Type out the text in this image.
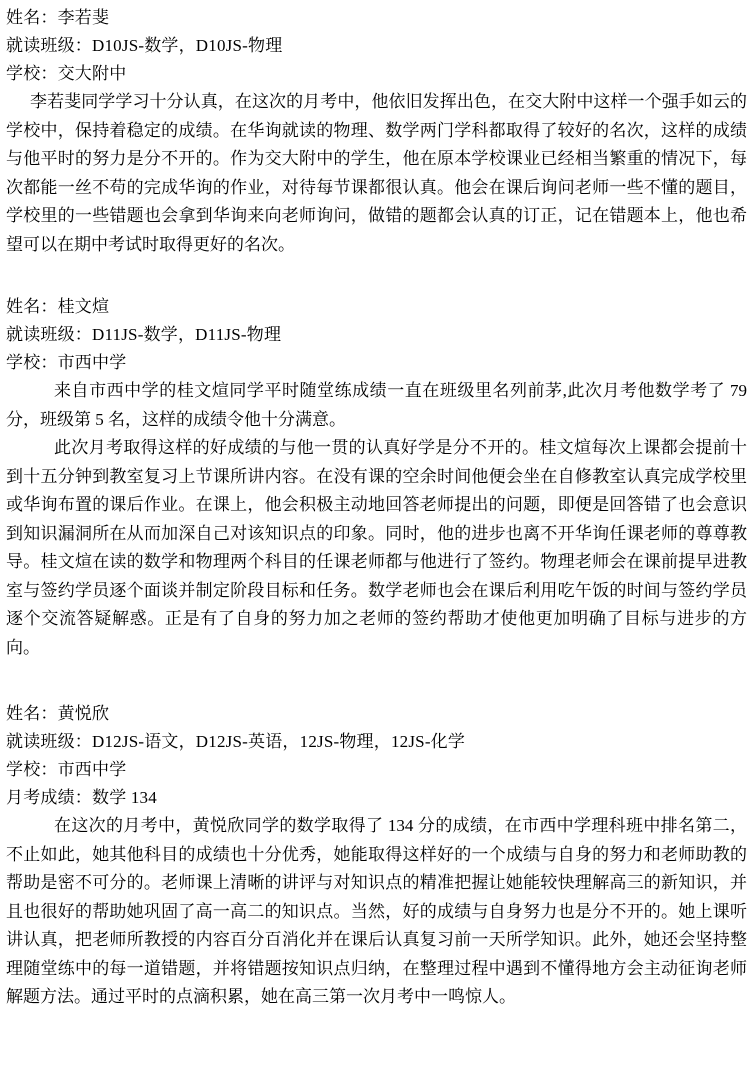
姓名：李若斐
就读班级：D10JS-数学，D10JS-物理
学校：交大附中

李若斐同学学习十分认真，在这次的月考中，他依旧发挥出色，在交大附中这样一个强手如云的学校中，保持着稳定的成绩。在华询就读的物理、数学两门学科都取得了较好的名次，这样的成绩与他平时的努力是分不开的。作为交大附中的学生，他在原本学校课业已经相当繁重的情况下，每次都能一丝不苟的完成华询的作业，对待每节课都很认真。他会在课后询问老师一些不懂的题目，学校里的一些错题也会拿到华询来向老师询问，做错的题都会认真的订正，记在错题本上，他也希望可以在期中考试时取得更好的名次。

姓名：桂文煊
就读班级：D11JS-数学，D11JS-物理
学校：市西中学

来自市西中学的桂文煊同学平时随堂练成绩一直在班级里名列前茅,此次月考他数学考了 79 分，班级第 5 名，这样的成绩令他十分满意。

此次月考取得这样的好成绩的与他一贯的认真好学是分不开的。桂文煊每次上课都会提前十到十五分钟到教室复习上节课所讲内容。在没有课的空余时间他便会坐在自修教室认真完成学校里或华询布置的课后作业。在课上，他会积极主动地回答老师提出的问题，即便是回答错了也会意识到知识漏洞所在从而加深自己对该知识点的印象。同时，他的进步也离不开华询任课老师的尊尊教导。桂文煊在读的数学和物理两个科目的任课老师都与他进行了签约。物理老师会在课前提早进教室与签约学员逐个面谈并制定阶段目标和任务。数学老师也会在课后利用吃午饭的时间与签约学员逐个交流答疑解惑。正是有了自身的努力加之老师的签约帮助才使他更加明确了目标与进步的方向。

姓名：黄悦欣
就读班级：D12JS-语文，D12JS-英语，12JS-物理，12JS-化学
学校：市西中学
月考成绩：数学 134

在这次的月考中，黄悦欣同学的数学取得了 134 分的成绩，在市西中学理科班中排名第二，不止如此，她其他科目的成绩也十分优秀，她能取得这样好的一个成绩与自身的努力和老师助教的帮助是密不可分的。老师课上清晰的讲评与对知识点的精准把握让她能较快理解高三的新知识，并且也很好的帮助她巩固了高一高二的知识点。当然，好的成绩与自身努力也是分不开的。她上课听讲认真，把老师所教授的内容百分百消化并在课后认真复习前一天所学知识。此外，她还会坚持整理随堂练中的每一道错题，并将错题按知识点归纳，在整理过程中遇到不懂得地方会主动征询老师解题方法。通过平时的点滴积累，她在高三第一次月考中一鸣惊人。
